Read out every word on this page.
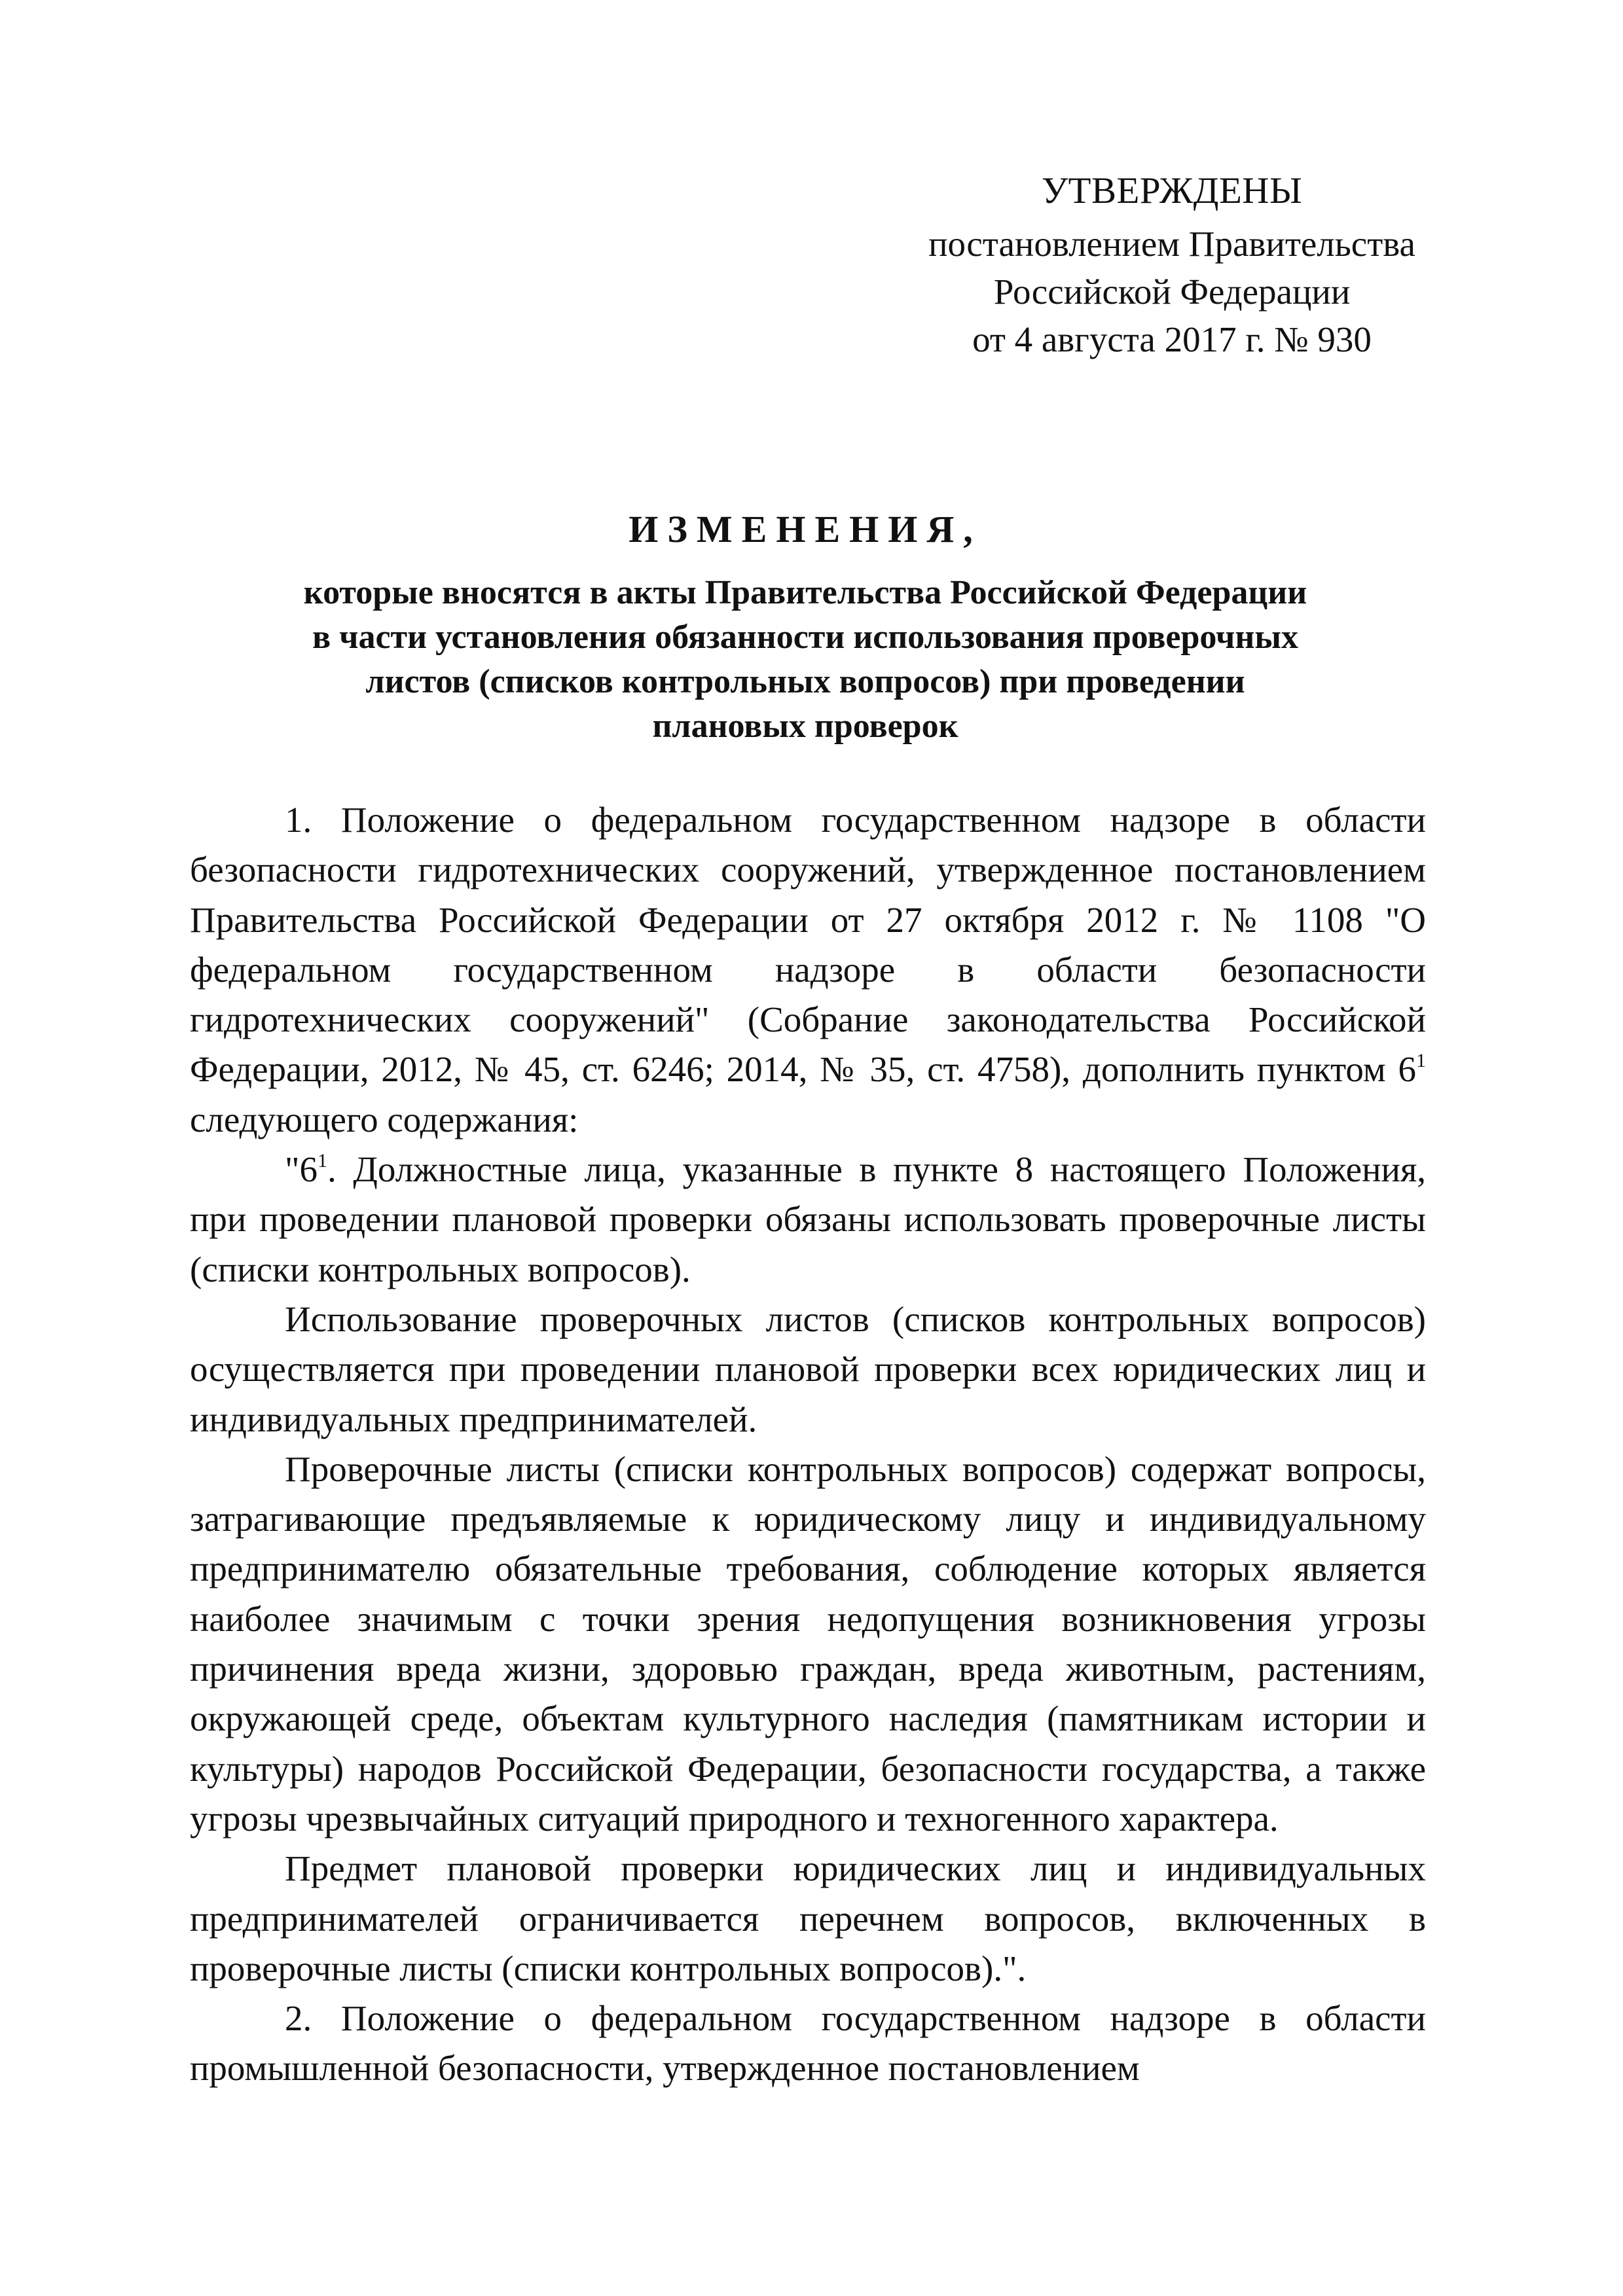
УТВЕРЖДЕНЫ
постановлением Правительства
Российской Федерации
от 4 августа 2017 г. № 930
ИЗМЕНЕНИЯ,
которые вносятся в акты Правительства Российской Федерации
в части установления обязанности использования проверочных
листов (списков контрольных вопросов) при проведении
плановых проверок

1. Положение о федеральном государственном надзоре в области безопасности гидротехнических сооружений, утвержденное постановлением Правительства Российской Федерации от 27 октября 2012 г. № 1108 "О федеральном государственном надзоре в области безопасности гидротехнических сооружений" (Собрание законодательства Российской Федерации, 2012, № 45, ст. 6246; 2014, № 35, ст. 4758), дополнить пунктом $6^1$ следующего содержания:

"$6^1$. Должностные лица, указанные в пункте 8 настоящего Положения, при проведении плановой проверки обязаны использовать проверочные листы (списки контрольных вопросов).

Использование проверочных листов (списков контрольных вопросов) осуществляется при проведении плановой проверки всех юридических лиц и индивидуальных предпринимателей.

Проверочные листы (списки контрольных вопросов) содержат вопросы, затрагивающие предъявляемые к юридическому лицу и индивидуальному предпринимателю обязательные требования, соблюдение которых является наиболее значимым с точки зрения недопущения возникновения угрозы причинения вреда жизни, здоровью граждан, вреда животным, растениям, окружающей среде, объектам культурного наследия (памятникам истории и культуры) народов Российской Федерации, безопасности государства, а также угрозы чрезвычайных ситуаций природного и техногенного характера.

Предмет плановой проверки юридических лиц и индивидуальных предпринимателей ограничивается перечнем вопросов, включенных в проверочные листы (списки контрольных вопросов).".

2. Положение о федеральном государственном надзоре в области промышленной безопасности, утвержденное постановлением
